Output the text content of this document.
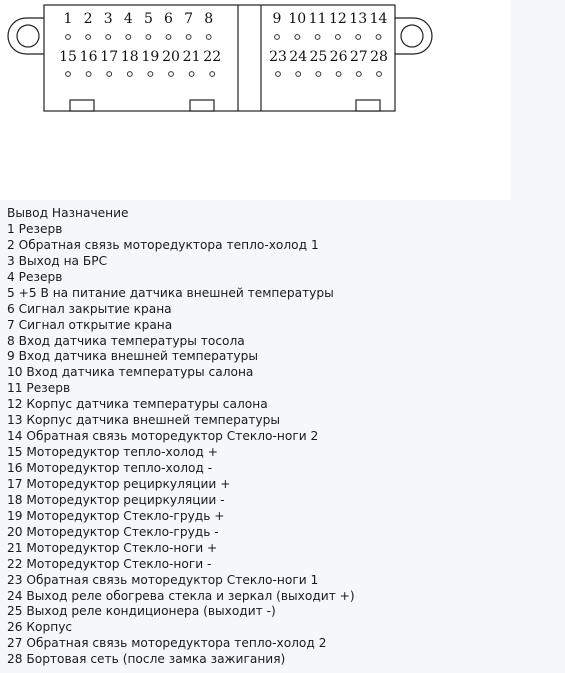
1 2 3 4 5 6 7 8
15 16 17 18 19 20 21 22
9 10 11 12 13 14
23 24 25 26 27 28
Вывод Назначение
1 Резерв
2 Обратная связь моторедуктора тепло-холод 1
3 Выход на БРС
4 Резерв
5 +5 В на питание датчика внешней температуры
6 Сигнал закрытие крана
7 Сигнал открытие крана
8 Вход датчика температуры тосола
9 Вход датчика внешней температуры
10 Вход датчика температуры салона
11 Резерв
12 Корпус датчика температуры салона
13 Корпус датчика внешней температуры
14 Обратная связь моторедуктор Стекло-ноги 2
15 Моторедуктор тепло-холод +
16 Моторедуктор тепло-холод -
17 Моторедуктор рециркуляции +
18 Моторедуктор рециркуляции -
19 Моторедуктор Стекло-грудь +
20 Моторедуктор Стекло-грудь -
21 Моторедуктор Стекло-ноги +
22 Моторедуктор Стекло-ноги -
23 Обратная связь моторедуктор Стекло-ноги 1
24 Выход реле обогрева стекла и зеркал (выходит +)
25 Выход реле кондиционера (выходит -)
26 Корпус
27 Обратная связь моторедуктора тепло-холод 2
28 Бортовая сеть (после замка зажигания)
